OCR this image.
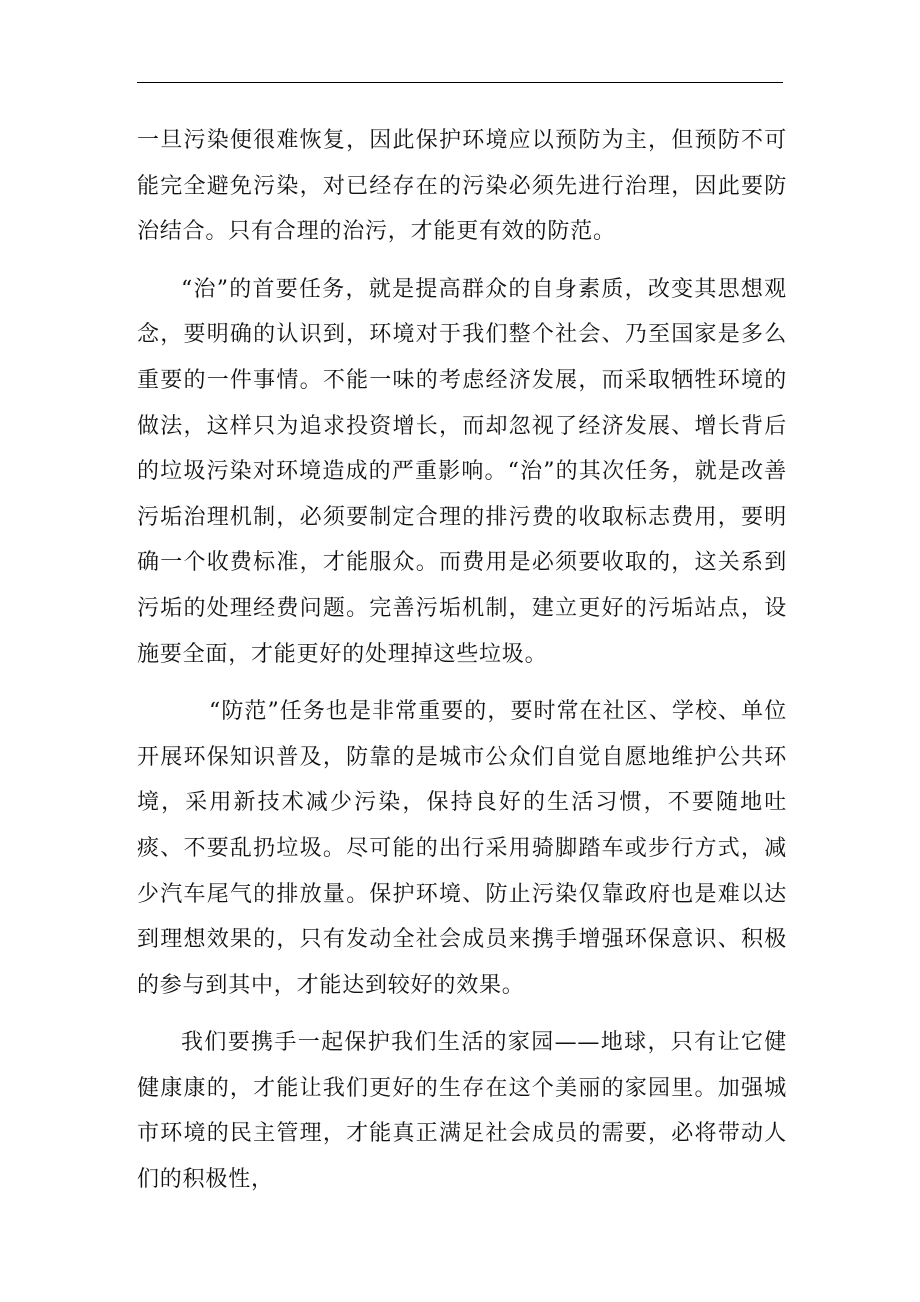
一旦污染便很难恢复，因此保护环境应以预防为主，但预防不可能完全避免污染，对已经存在的污染必须先进行治理，因此要防治结合。只有合理的治污，才能更有效的防范。

“治”的首要任务，就是提高群众的自身素质，改变其思想观念，要明确的认识到，环境对于我们整个社会、乃至国家是多么重要的一件事情。不能一味的考虑经济发展，而采取牺牲环境的做法，这样只为追求投资增长，而却忽视了经济发展、增长背后的垃圾污染对环境造成的严重影响。“治”的其次任务，就是改善污垢治理机制，必须要制定合理的排污费的收取标志费用，要明确一个收费标准，才能服众。而费用是必须要收取的，这关系到污垢的处理经费问题。完善污垢机制，建立更好的污垢站点，设施要全面，才能更好的处理掉这些垃圾。

“防范”任务也是非常重要的，要时常在社区、学校、单位开展环保知识普及，防靠的是城市公众们自觉自愿地维护公共环境，采用新技术减少污染，保持良好的生活习惯，不要随地吐痰、不要乱扔垃圾。尽可能的出行采用骑脚踏车或步行方式，减少汽车尾气的排放量。保护环境、防止污染仅靠政府也是难以达到理想效果的，只有发动全社会成员来携手增强环保意识、积极的参与到其中，才能达到较好的效果。

我们要携手一起保护我们生活的家园——地球，只有让它健健康康的，才能让我们更好的生存在这个美丽的家园里。加强城市环境的民主管理，才能真正满足社会成员的需要，必将带动人们的积极性，
